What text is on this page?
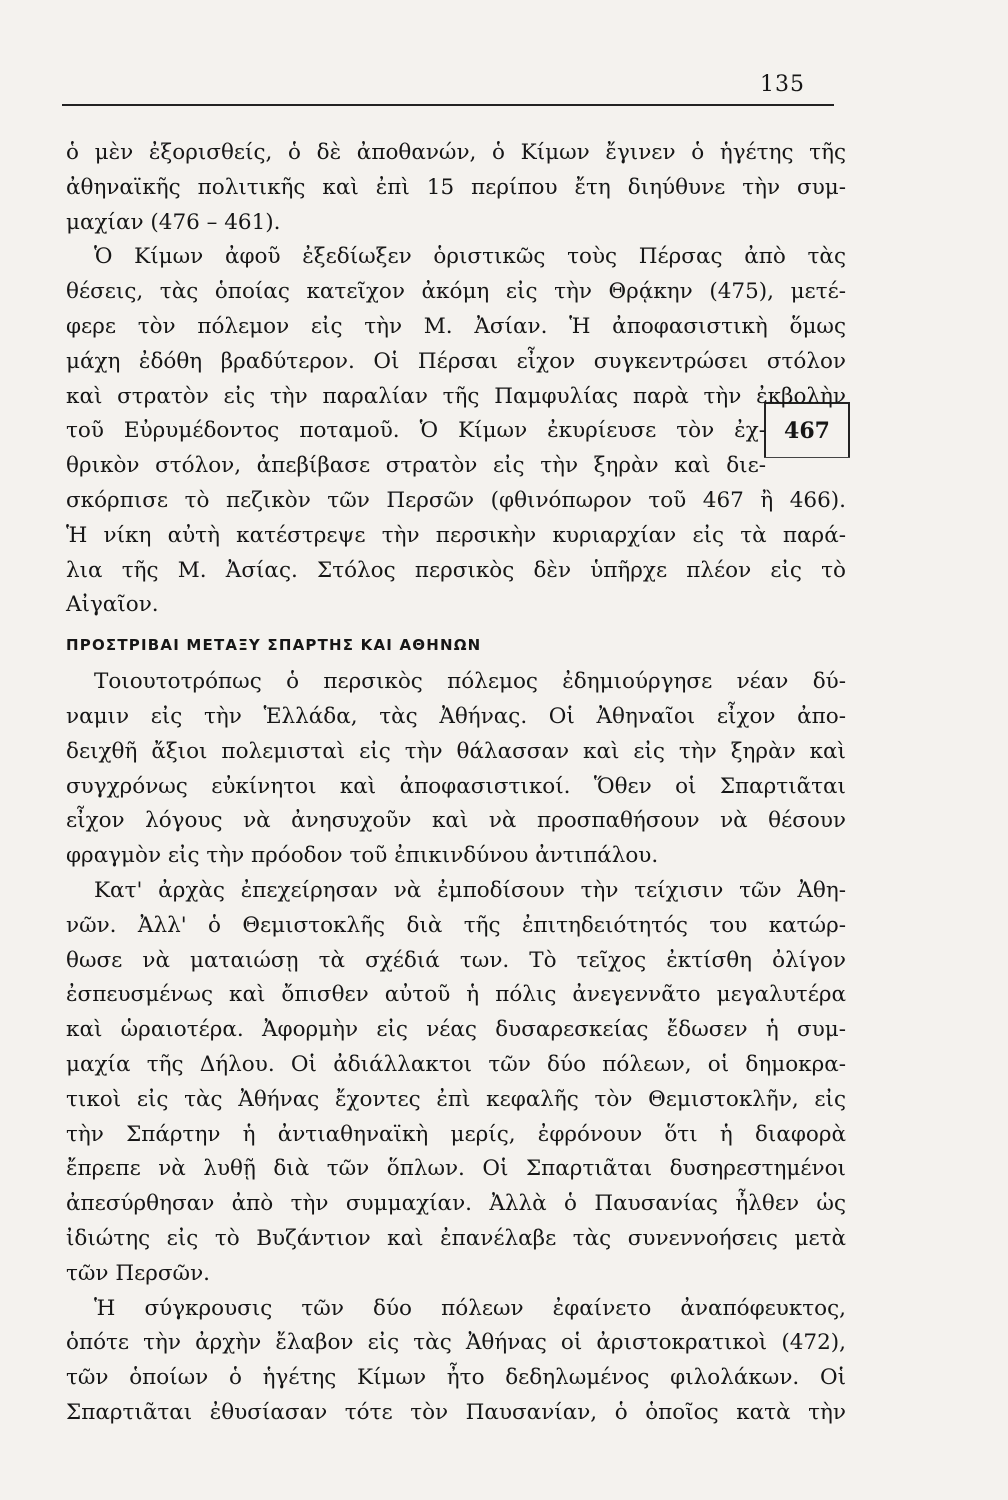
135
467
ὁ μὲν ἐξορισθείς, ὁ δὲ ἀποθανών, ὁ Κίμων ἔγινεν ὁ ἡγέτης τῆς
ἀθηναϊκῆς πολιτικῆς καὶ ἐπὶ 15 περίπου ἔτη διηύθυνε τὴν συμ-
μαχίαν (476 – 461).
Ὁ Κίμων ἀφοῦ ἐξεδίωξεν ὁριστικῶς τοὺς Πέρσας ἀπὸ τὰς
θέσεις, τὰς ὁποίας κατεῖχον ἀκόμη εἰς τὴν Θρᾴκην (475), μετέ-
φερε τὸν πόλεμον εἰς τὴν Μ. Ἀσίαν. Ἡ ἀποφασιστικὴ ὅμως
μάχη ἐδόθη βραδύτερον. Οἱ Πέρσαι εἶχον συγκεντρώσει στόλον
καὶ στρατὸν εἰς τὴν παραλίαν τῆς Παμφυλίας παρὰ τὴν ἐκβολὴν
τοῦ Εὐρυμέδοντος ποταμοῦ. Ὁ Κίμων ἐκυρίευσε τὸν ἐχ-
θρικὸν στόλον, ἀπεβίβασε στρατὸν εἰς τὴν ξηρὰν καὶ διε-
σκόρπισε τὸ πεζικὸν τῶν Περσῶν (φθινόπωρον τοῦ 467 ἢ 466).
Ἡ νίκη αὐτὴ κατέστρεψε τὴν περσικὴν κυριαρχίαν εἰς τὰ παρά-
λια τῆς Μ. Ἀσίας. Στόλος περσικὸς δὲν ὑπῆρχε πλέον εἰς τὸ
Αἰγαῖον.
ΠΡΟΣΤΡΙΒΑΙ ΜΕΤΑΞΥ ΣΠΑΡΤΗΣ ΚΑΙ ΑΘΗΝΩΝ
Τοιουτοτρόπως ὁ περσικὸς πόλεμος ἐδημιούργησε νέαν δύ-
ναμιν εἰς τὴν Ἑλλάδα, τὰς Ἀθήνας. Οἱ Ἀθηναῖοι εἶχον ἀπο-
δειχθῆ ἄξιοι πολεμισταὶ εἰς τὴν θάλασσαν καὶ εἰς τὴν ξηρὰν καὶ
συγχρόνως εὐκίνητοι καὶ ἀποφασιστικοί. Ὅθεν οἱ Σπαρτιᾶται
εἶχον λόγους νὰ ἀνησυχοῦν καὶ νὰ προσπαθήσουν νὰ θέσουν
φραγμὸν εἰς τὴν πρόοδον τοῦ ἐπικινδύνου ἀντιπάλου.
Κατ' ἀρχὰς ἐπεχείρησαν νὰ ἐμποδίσουν τὴν τείχισιν τῶν Ἀθη-
νῶν. Ἀλλ' ὁ Θεμιστοκλῆς διὰ τῆς ἐπιτηδειότητός του κατώρ-
θωσε νὰ ματαιώσῃ τὰ σχέδιά των. Τὸ τεῖχος ἐκτίσθη ὀλίγον
ἐσπευσμένως καὶ ὄπισθεν αὐτοῦ ἡ πόλις ἀνεγεννᾶτο μεγαλυτέρα
καὶ ὡραιοτέρα. Ἀφορμὴν εἰς νέας δυσαρεσκείας ἔδωσεν ἡ συμ-
μαχία τῆς Δήλου. Οἱ ἀδιάλλακτοι τῶν δύο πόλεων, οἱ δημοκρα-
τικοὶ εἰς τὰς Ἀθήνας ἔχοντες ἐπὶ κεφαλῆς τὸν Θεμιστοκλῆν, εἰς
τὴν Σπάρτην ἡ ἀντιαθηναϊκὴ μερίς, ἐφρόνουν ὅτι ἡ διαφορὰ
ἔπρεπε νὰ λυθῇ διὰ τῶν ὅπλων. Οἱ Σπαρτιᾶται δυσηρεστημένοι
ἀπεσύρθησαν ἀπὸ τὴν συμμαχίαν. Ἀλλὰ ὁ Παυσανίας ἦλθεν ὡς
ἰδιώτης εἰς τὸ Βυζάντιον καὶ ἐπανέλαβε τὰς συνεννοήσεις μετὰ
τῶν Περσῶν.
Ἡ σύγκρουσις τῶν δύο πόλεων ἐφαίνετο ἀναπόφευκτος,
ὁπότε τὴν ἀρχὴν ἔλαβον εἰς τὰς Ἀθήνας οἱ ἀριστοκρατικοὶ (472),
τῶν ὁποίων ὁ ἡγέτης Κίμων ἦτο δεδηλωμένος φιλολάκων. Οἱ
Σπαρτιᾶται ἐθυσίασαν τότε τὸν Παυσανίαν, ὁ ὁποῖος κατὰ τὴν
